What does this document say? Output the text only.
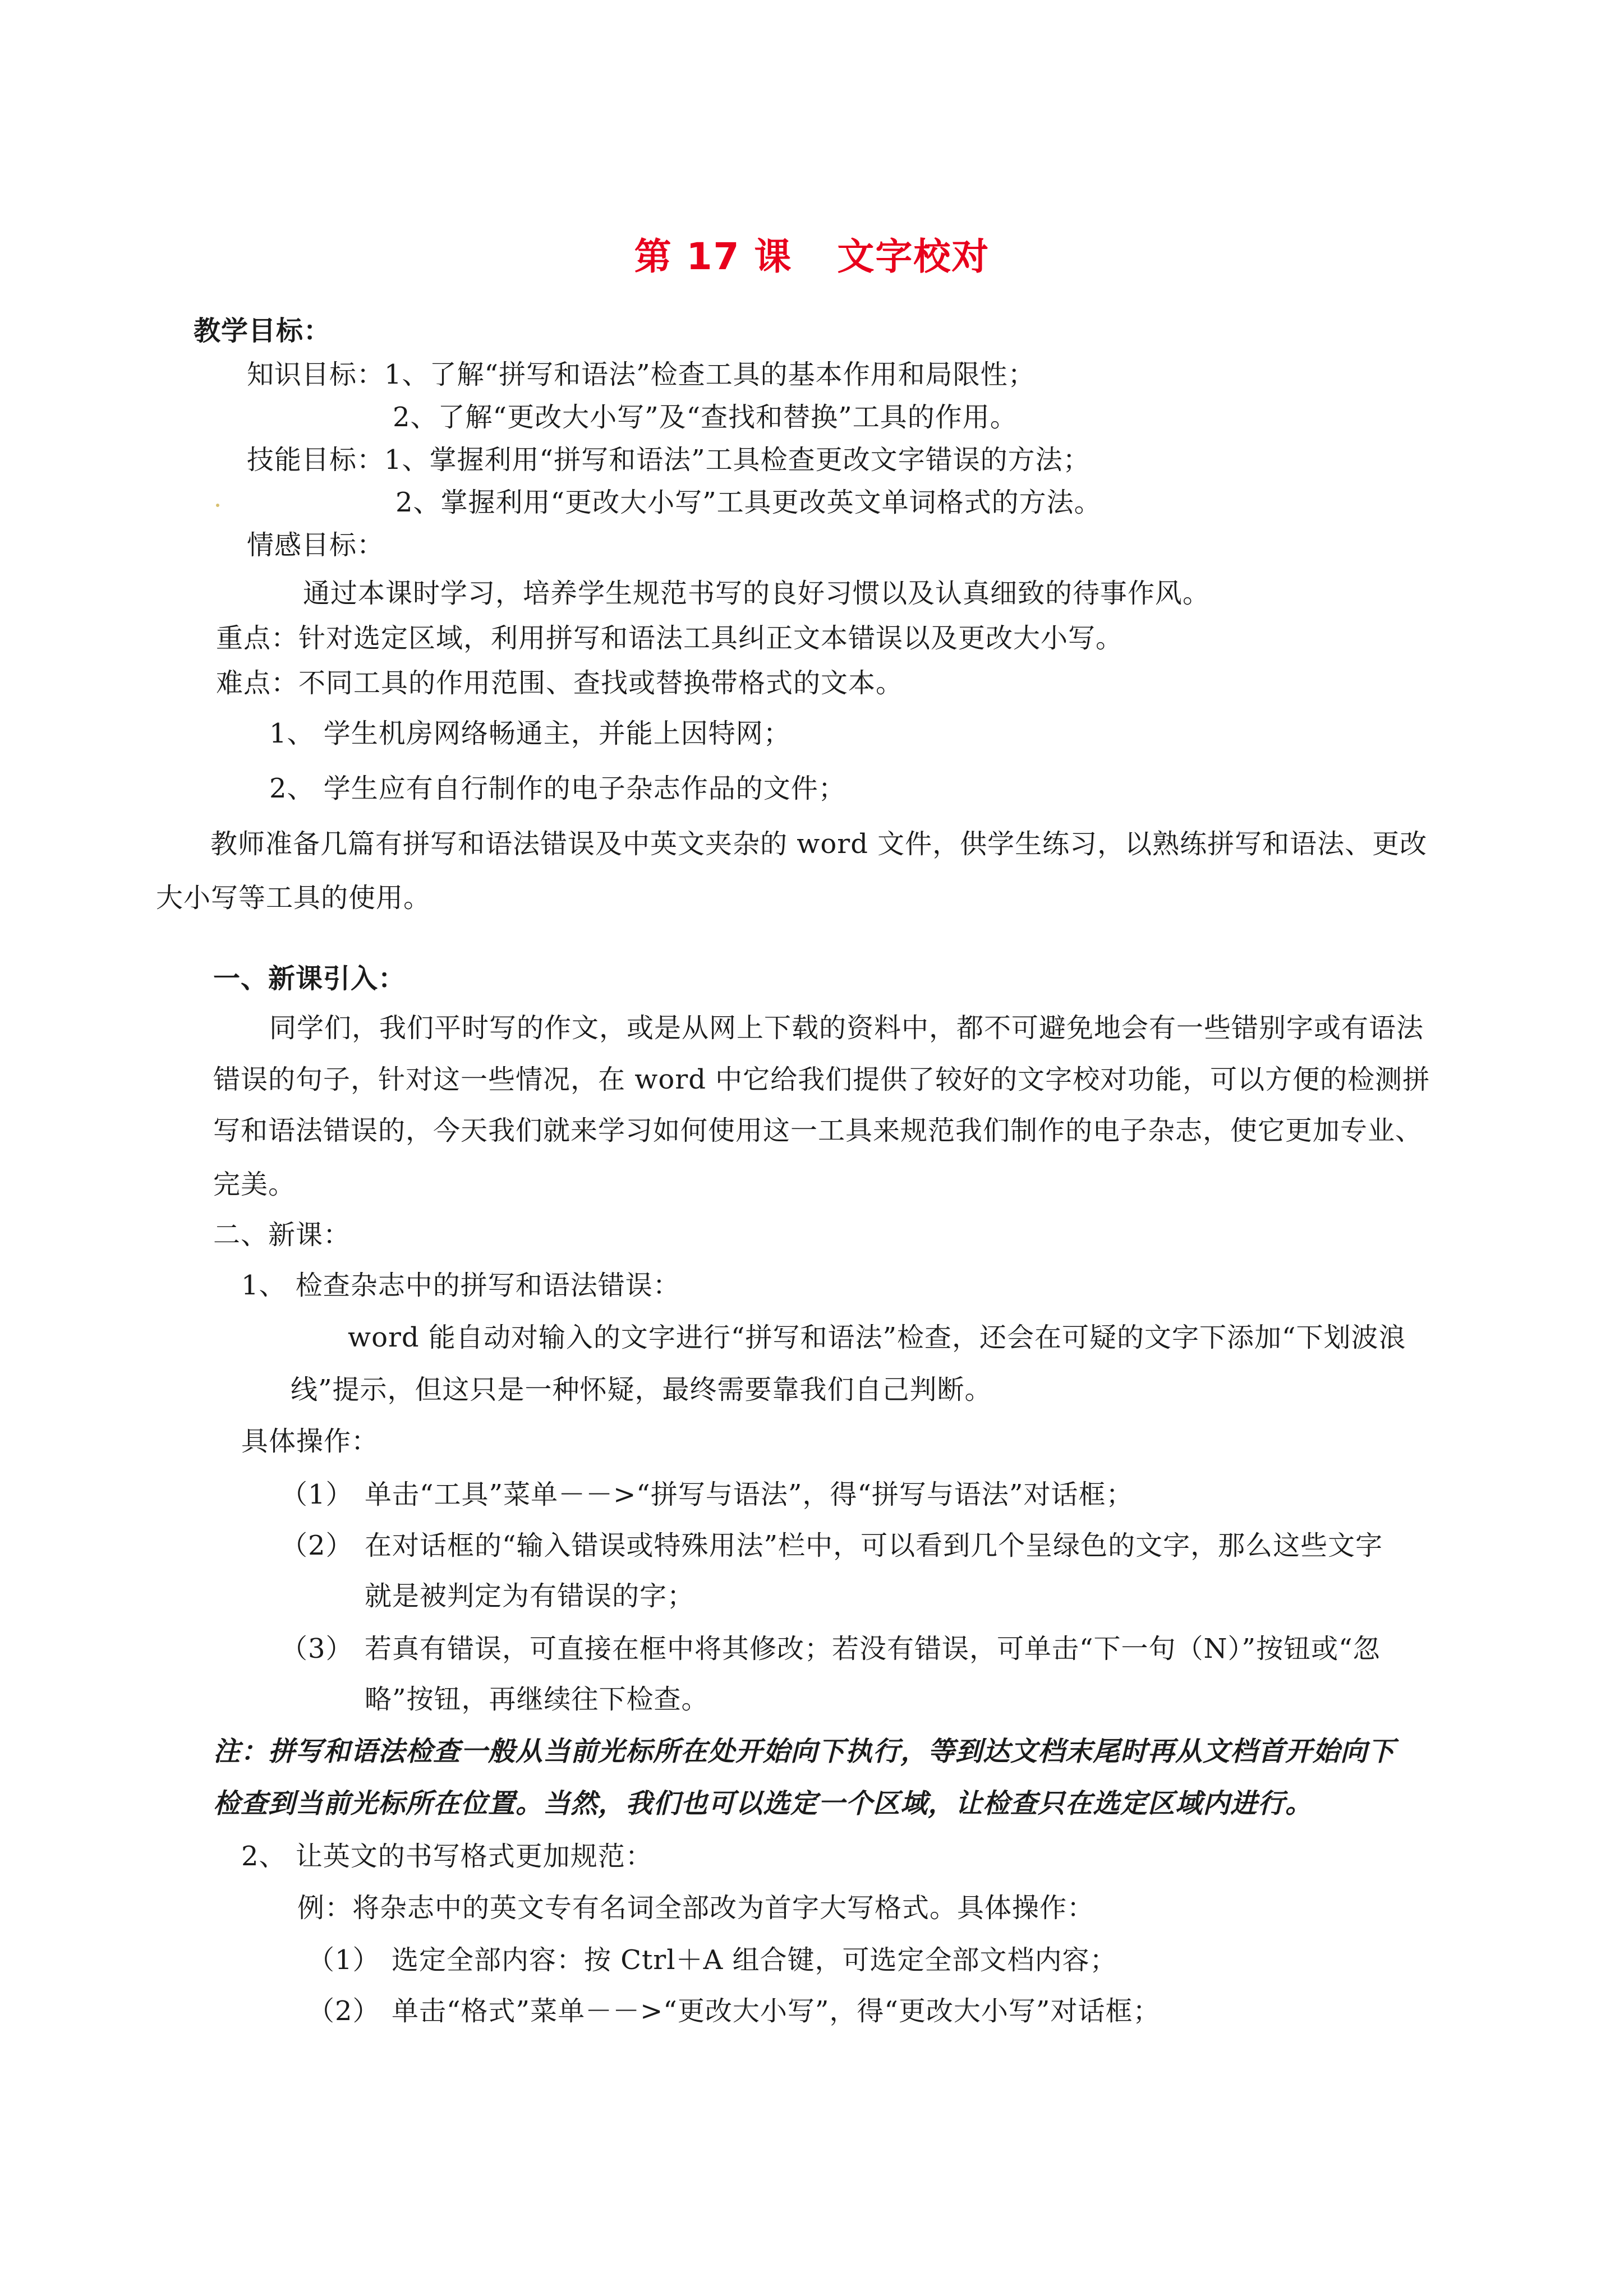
第 17 课 文字校对
教学目标：
知识目标：1、了解“拼写和语法”检查工具的基本作用和局限性；
2、了解“更改大小写”及“查找和替换”工具的作用。
技能目标：1、掌握利用“拼写和语法”工具检查更改文字错误的方法；
2、掌握利用“更改大小写”工具更改英文单词格式的方法。
情感目标：
通过本课时学习，培养学生规范书写的良好习惯以及认真细致的待事作风。
重点：针对选定区域，利用拼写和语法工具纠正文本错误以及更改大小写。
难点：不同工具的作用范围、查找或替换带格式的文本。
1、 学生机房网络畅通主，并能上因特网；
2、 学生应有自行制作的电子杂志作品的文件；
教师准备几篇有拼写和语法错误及中英文夹杂的 word 文件，供学生练习，以熟练拼写和语法、更改
大小写等工具的使用。
一、新课引入：
同学们，我们平时写的作文，或是从网上下载的资料中，都不可避免地会有一些错别字或有语法
错误的句子，针对这一些情况，在 word 中它给我们提供了较好的文字校对功能，可以方便的检测拼
写和语法错误的，今天我们就来学习如何使用这一工具来规范我们制作的电子杂志，使它更加专业、
完美。
二、新课：
1、 检查杂志中的拼写和语法错误：
word 能自动对输入的文字进行“拼写和语法”检查，还会在可疑的文字下添加“下划波浪
线”提示，但这只是一种怀疑，最终需要靠我们自己判断。
具体操作：
（1） 单击“工具”菜单－－>“拼写与语法”，得“拼写与语法”对话框；
（2） 在对话框的“输入错误或特殊用法”栏中，可以看到几个呈绿色的文字，那么这些文字
就是被判定为有错误的字；
（3） 若真有错误，可直接在框中将其修改；若没有错误，可单击“下一句（N）”按钮或“忽
略”按钮，再继续往下检查。
注：拼写和语法检查一般从当前光标所在处开始向下执行，等到达文档末尾时再从文档首开始向下
检查到当前光标所在位置。当然，我们也可以选定一个区域，让检查只在选定区域内进行。
2、 让英文的书写格式更加规范：
例：将杂志中的英文专有名词全部改为首字大写格式。具体操作：
（1） 选定全部内容：按 Ctrl＋A 组合键，可选定全部文档内容；
（2） 单击“格式”菜单－－>“更改大小写”，得“更改大小写”对话框；
